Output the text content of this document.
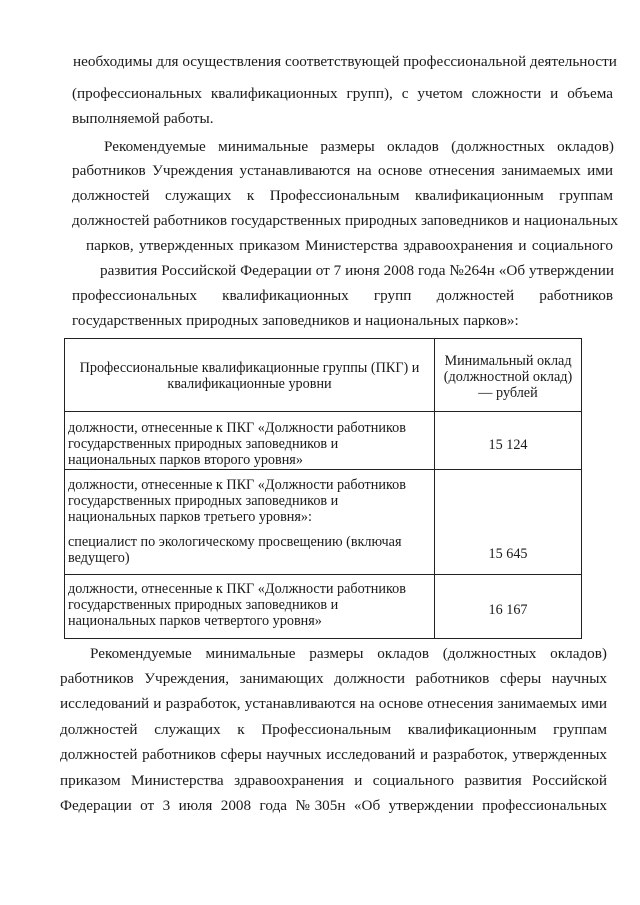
необходимы для осуществления соответствующей профессиональной деятельности
(профессиональных квалификационных групп), с учетом сложности и объема
выполняемой работы.
Рекомендуемые минимальные размеры окладов (должностных окладов)
работников Учреждения устанавливаются на основе отнесения занимаемых ими
должностей служащих к Профессиональным квалификационным группам
должностей работников государственных природных заповедников и национальных
парков, утвержденных приказом Министерства здравоохранения и социального
развития Российской Федерации от 7 июня 2008 года №264н «Об утверждении
профессиональных квалификационных групп должностей работников
государственных природных заповедников и национальных парков»:
Профессиональные квалификационные группы (ПКГ) и
квалификационные уровни
Минимальный оклад
(должностной оклад)
— рублей
должности, отнесенные к ПКГ «Должности работников
государственных природных заповедников и
национальных парков второго уровня»
15 124
должности, отнесенные к ПКГ «Должности работников
государственных природных заповедников и
национальных парков третьего уровня»:
специалист по экологическому просвещению (включая
ведущего)	15 645
должности, отнесенные к ПКГ «Должности работников
государственных природных заповедников и
национальных парков четвертого уровня»
16 167
Рекомендуемые минимальные размеры окладов (должностных окладов)
работников Учреждения, занимающих должности работников сферы научных
исследований и разработок, устанавливаются на основе отнесения занимаемых ими
должностей служащих к Профессиональным квалификационным группам
должностей работников сферы научных исследований и разработок, утвержденных
приказом Министерства здравоохранения и социального развития Российской
Федерации от 3 июля 2008 года №305н «Об утверждении профессиональных
